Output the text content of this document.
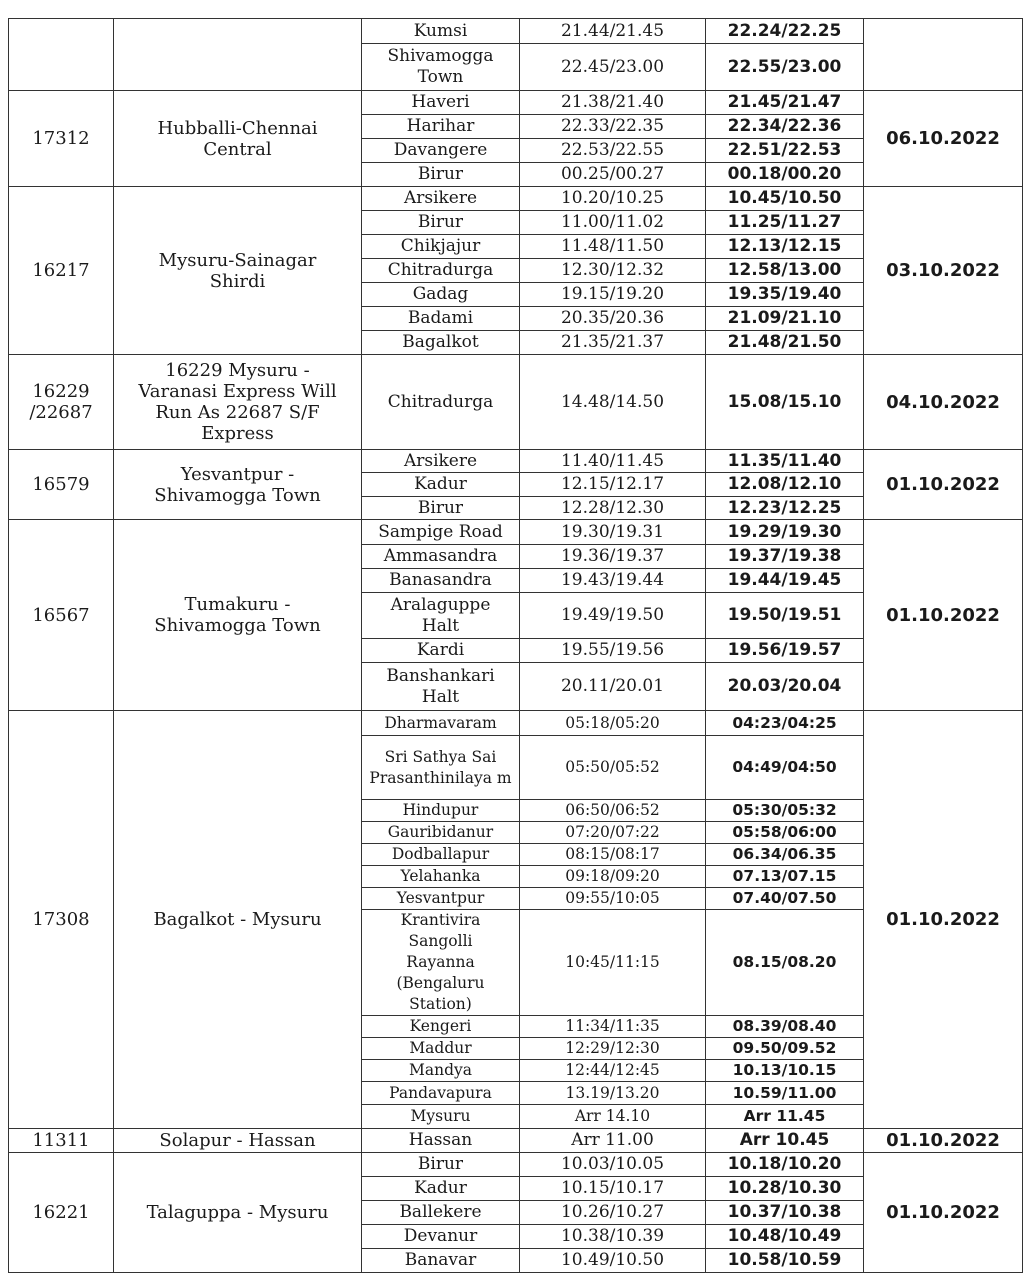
		Kumsi	21.44/21.45	22.24/22.25	
		Shivamogga Town	22.45/23.00	22.55/23.00	
17312	Hubballi-Chennai Central	Haveri	21.38/21.40	21.45/21.47	06.10.2022
		Harihar	22.33/22.35	22.34/22.36	
		Davangere	22.53/22.55	22.51/22.53	
		Birur	00.25/00.27	00.18/00.20	
16217	Mysuru-Sainagar Shirdi	Arsikere	10.20/10.25	10.45/10.50	03.10.2022
		Birur	11.00/11.02	11.25/11.27	
		Chikjajur	11.48/11.50	12.13/12.15	
		Chitradurga	12.30/12.32	12.58/13.00	
		Gadag	19.15/19.20	19.35/19.40	
		Badami	20.35/20.36	21.09/21.10	
		Bagalkot	21.35/21.37	21.48/21.50	
16229 /22687	16229 Mysuru - Varanasi Express Will Run As 22687 S/F Express	Chitradurga	14.48/14.50	15.08/15.10	04.10.2022
16579	Yesvantpur - Shivamogga Town	Arsikere	11.40/11.45	11.35/11.40	01.10.2022
		Kadur	12.15/12.17	12.08/12.10	
		Birur	12.28/12.30	12.23/12.25	
16567	Tumakuru - Shivamogga Town	Sampige Road	19.30/19.31	19.29/19.30	01.10.2022
		Ammasandra	19.36/19.37	19.37/19.38	
		Banasandra	19.43/19.44	19.44/19.45	
		Aralaguppe Halt	19.49/19.50	19.50/19.51	
		Kardi	19.55/19.56	19.56/19.57	
		Banshankari Halt	20.11/20.01	20.03/20.04	
17308	Bagalkot - Mysuru	Dharmavaram	05:18/05:20	04:23/04:25	01.10.2022
		Sri Sathya Sai Prasanthinilaya m	05:50/05:52	04:49/04:50	
		Hindupur	06:50/06:52	05:30/05:32	
		Gauribidanur	07:20/07:22	05:58/06:00	
		Dodballapur	08:15/08:17	06.34/06.35	
		Yelahanka	09:18/09:20	07.13/07.15	
		Yesvantpur	09:55/10:05	07.40/07.50	
		Krantivira Sangolli Rayanna (Bengaluru Station)	10:45/11:15	08.15/08.20	
		Kengeri	11:34/11:35	08.39/08.40	
		Maddur	12:29/12:30	09.50/09.52	
		Mandya	12:44/12:45	10.13/10.15	
		Pandavapura	13.19/13.20	10.59/11.00	
		Mysuru	Arr 14.10	Arr 11.45	
11311	Solapur - Hassan	Hassan	Arr 11.00	Arr 10.45	01.10.2022
16221	Talaguppa - Mysuru	Birur	10.03/10.05	10.18/10.20	01.10.2022
		Kadur	10.15/10.17	10.28/10.30	
		Ballekere	10.26/10.27	10.37/10.38	
		Devanur	10.38/10.39	10.48/10.49	
		Banavar	10.49/10.50	10.58/10.59	
